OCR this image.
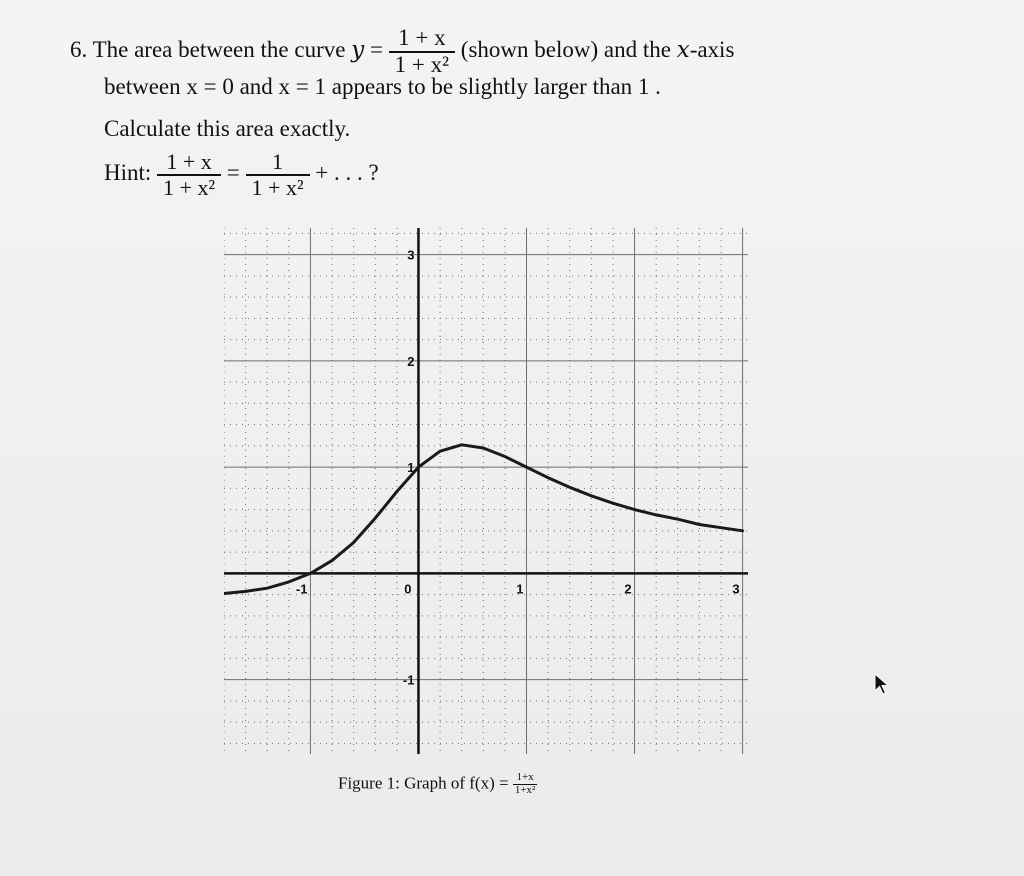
6. The area between the curve $y = \frac{1 + x}{\text{1 + x²}}$ (shown below) and the x-axis
between x = 0 and x = 1 appears to be slightly larger than 1 .
Calculate this area exactly.
Hint: $\frac{1 + x}{\text{1 + x²}} = \frac{1}{\text{1 + x²}}$ + . . . ?
-1	0	1	2	3
-1
1
2
3
Figure 1: Graph of $f(x) = \frac{1+x}{\text{1+x²}}$
